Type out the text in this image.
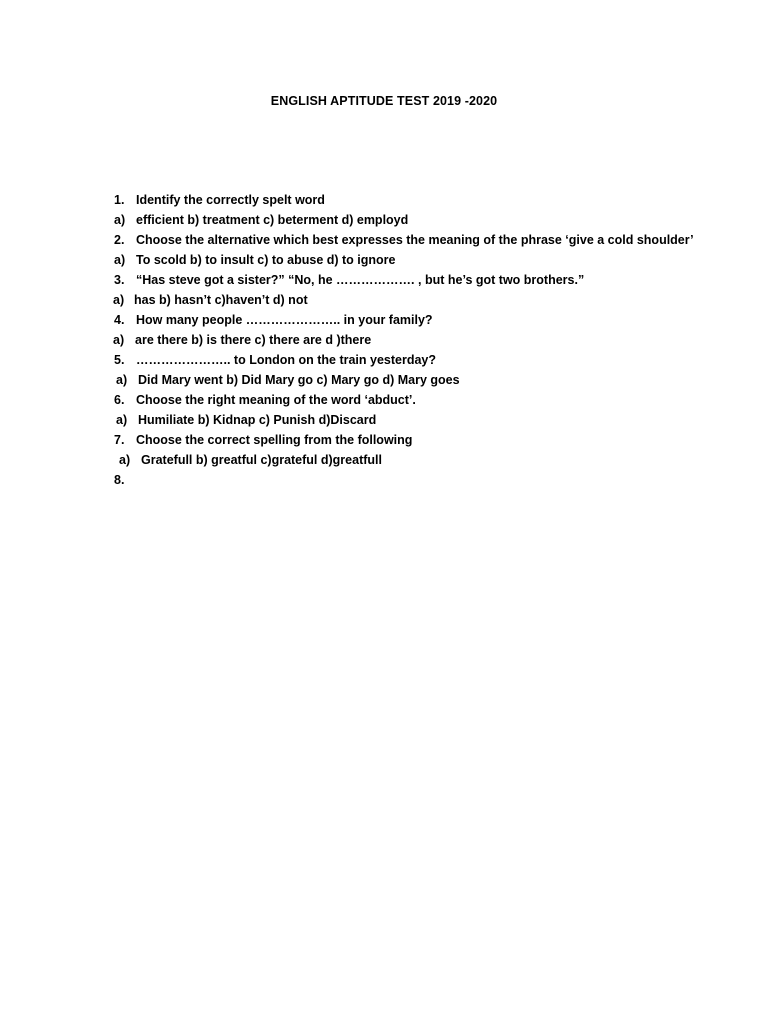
ENGLISH APTITUDE TEST 2019 -2020
1. Identify the correctly spelt word
a) efficient b) treatment c) beterment d) employd
2. Choose the alternative which best expresses the meaning of the phrase ‘give a cold shoulder’
a) To scold b) to insult c) to abuse d) to ignore
3. “Has steve got a sister?” “No, he ………………. , but he’s got two brothers.”
a) has b) hasn’t c)haven’t d) not
4. How many people ………………….. in your family?
a) are there b) is there c) there are d )there
5. ………………….. to London on the train yesterday?
a) Did Mary went b) Did Mary go c) Mary go d) Mary goes
6. Choose the right meaning of the word ‘abduct’.
a) Humiliate b) Kidnap c) Punish d)Discard
7. Choose the correct spelling from the following
a) Gratefull b) greatful c)grateful d)greatfull
8.
